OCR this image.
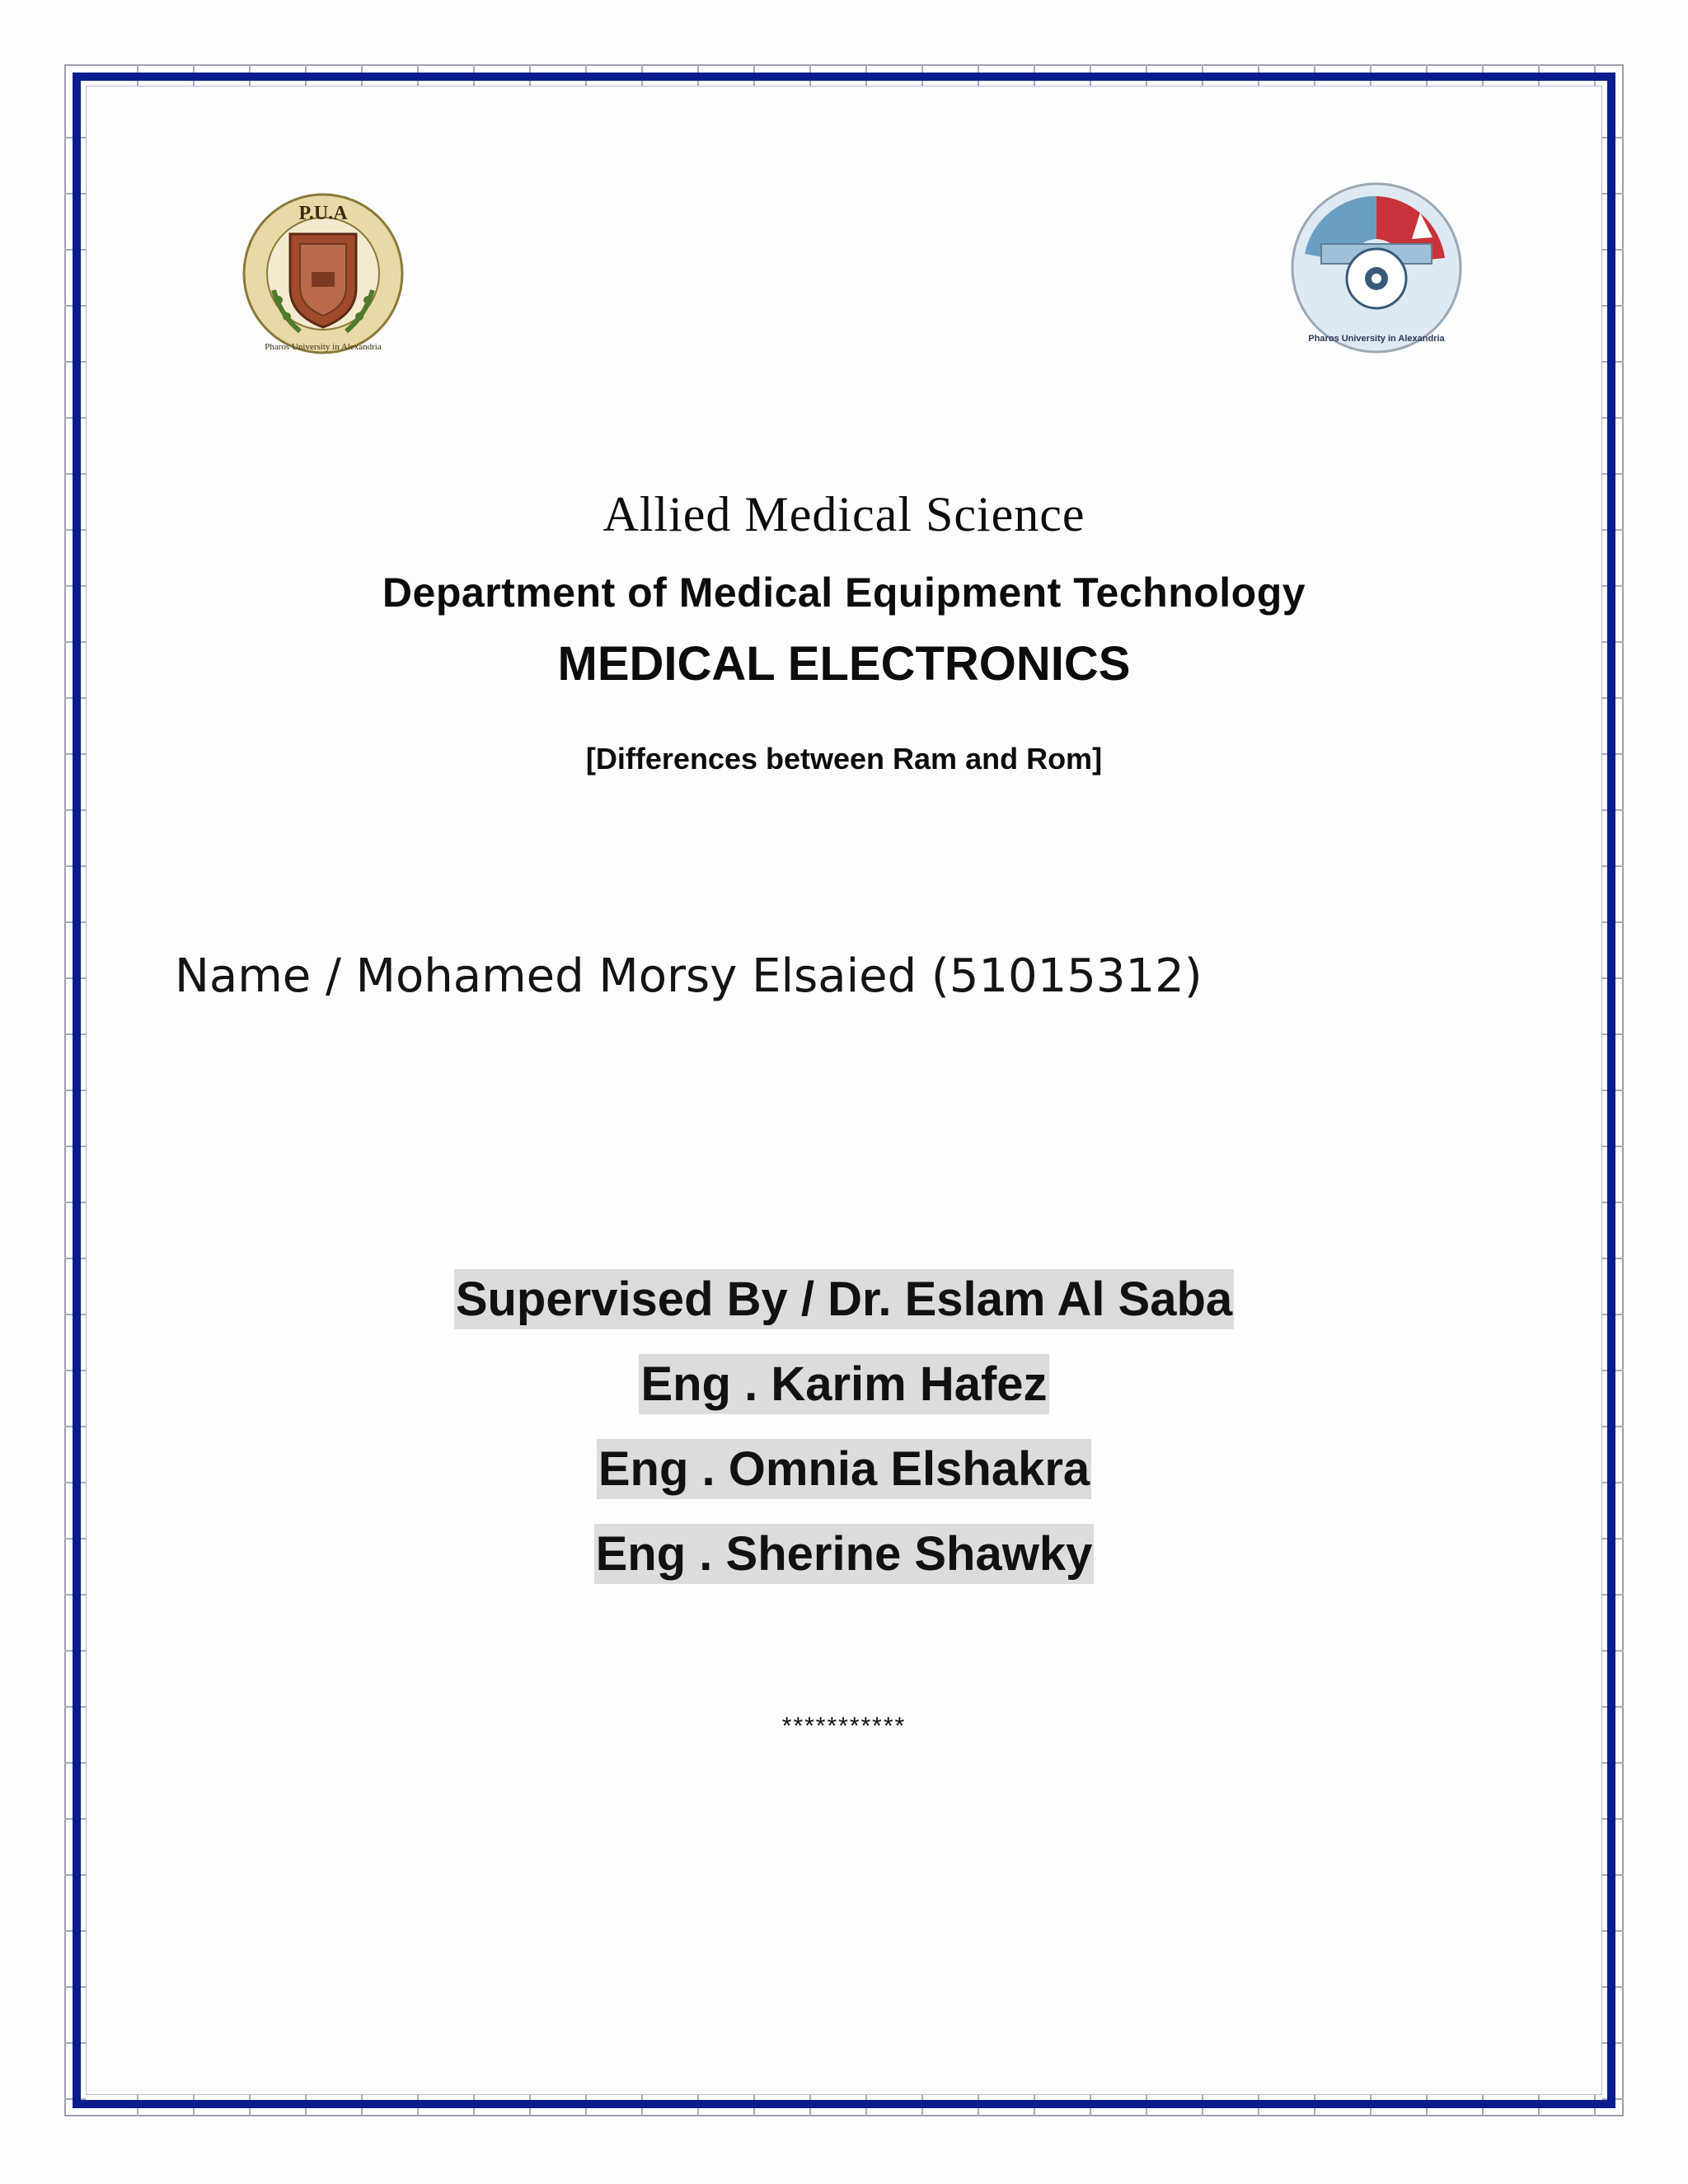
P.U.A
Pharos University in Alexandria
Pharos University in Alexandria
Allied Medical Science
Department of Medical Equipment Technology
MEDICAL ELECTRONICS
[Differences between Ram and Rom]
Name / Mohamed Morsy Elsaied (51015312)
Supervised By / Dr. Eslam Al Saba
Eng . Karim Hafez
Eng . Omnia Elshakra
Eng . Sherine Shawky
***********
